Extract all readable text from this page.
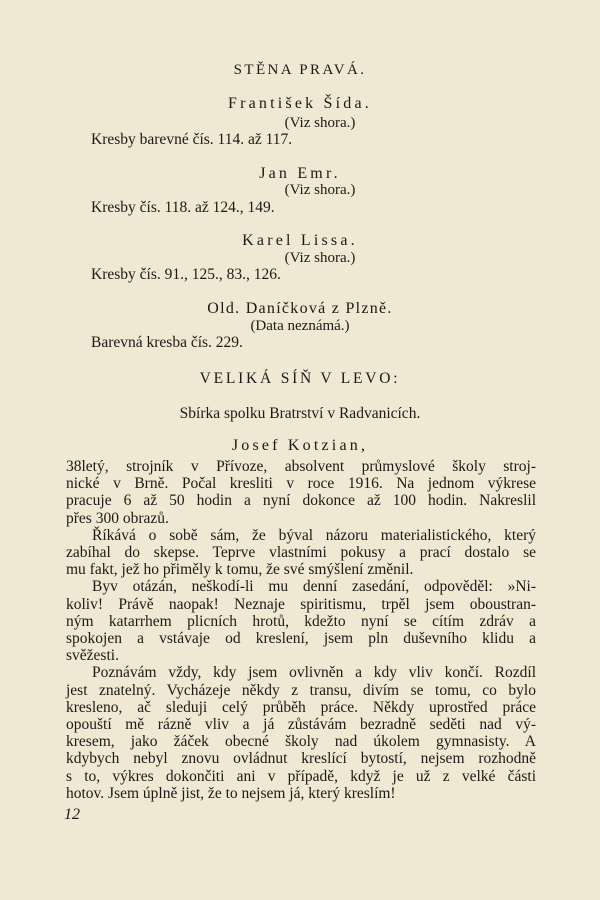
STĚNA PRAVÁ.
František Šída.
(Viz shora.)
Kresby barevné čís. 114. až 117.
Jan Emr.
(Viz shora.)
Kresby čís. 118. až 124., 149.
Karel Lissa.
(Viz shora.)
Kresby čís. 91., 125., 83., 126.
Old. Daníčková z Plzně.
(Data neznámá.)
Barevná kresba čís. 229.
VELIKÁ SÍŇ V LEVO:
Sbírka spolku Bratrství v Radvanicích.
Josef Kotzian,
38letý, strojník v Přívoze, absolvent průmyslové školy stroj-
nické v Brně. Počal kresliti v roce 1916. Na jednom výkrese
pracuje 6 až 50 hodin a nyní dokonce až 100 hodin. Nakreslil
přes 300 obrazů.
Říkává o sobě sám, že býval názoru materialistického, který
zabíhal do skepse. Teprve vlastními pokusy a prací dostalo se
mu fakt, jež ho přiměly k tomu, že své smýšlení změnil.
Byv otázán, neškodí-li mu denní zasedání, odpověděl: »Ni-
koliv! Právě naopak! Neznaje spiritismu, trpěl jsem oboustran-
ným katarrhem plicních hrotů, kdežto nyní se cítím zdráv a
spokojen a vstávaje od kreslení, jsem pln duševního klidu a
svěžesti.
Poznávám vždy, kdy jsem ovlivněn a kdy vliv končí. Rozdíl
jest znatelný. Vycházeje někdy z transu, divím se tomu, co bylo
kresleno, ač sleduji celý průběh práce. Někdy uprostřed práce
opouští mě rázně vliv a já zůstávám bezradně seděti nad vý-
kresem, jako žáček obecné školy nad úkolem gymnasisty. A
kdybych nebyl znovu ovládnut kreslící bytostí, nejsem rozhodně
s to, výkres dokončiti ani v případě, když je už z velké části
hotov. Jsem úplně jist, že to nejsem já, který kreslím!
12
